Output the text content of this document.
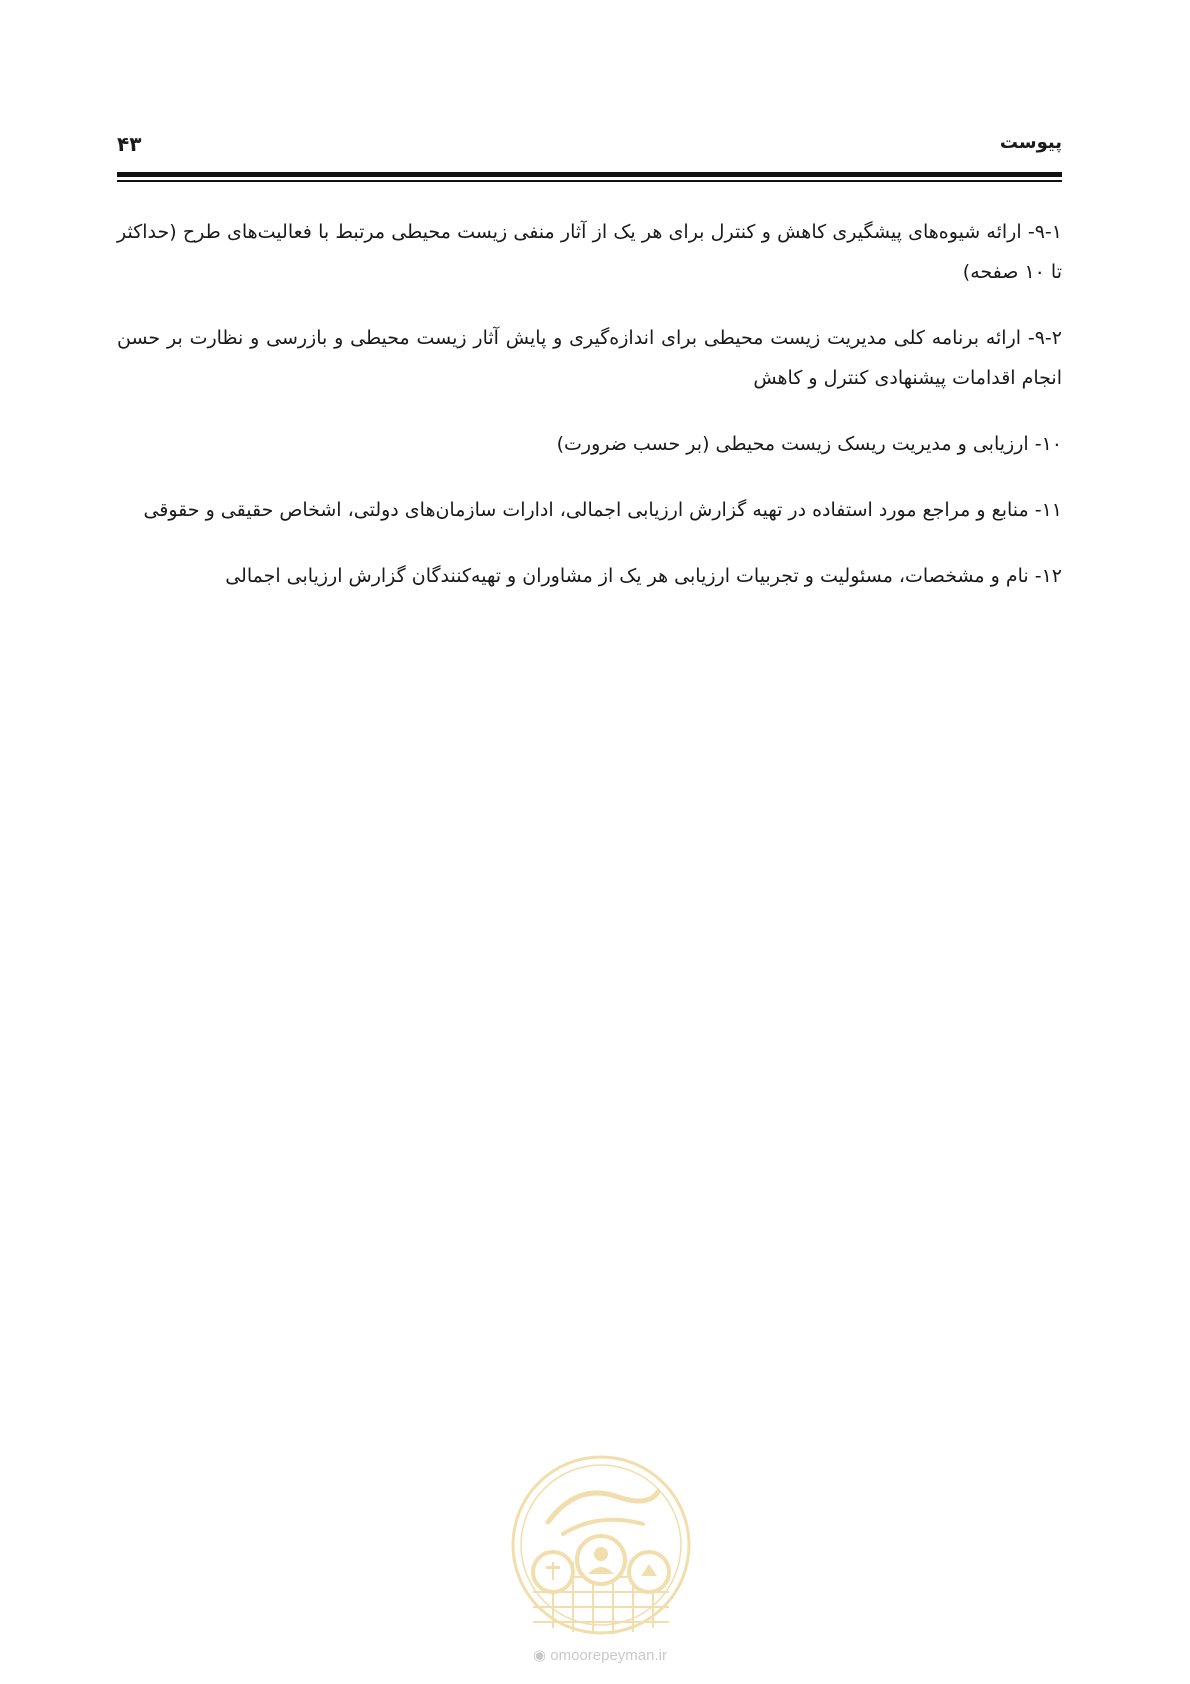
پیوست
۴۳

۹-۱- ارائه شیوه‌های پیشگیری کاهش و کنترل برای هر یک از آثار منفی زیست محیطی مرتبط با فعالیت‌های طرح (حداکثر تا ۱۰ صفحه)

۹-۲- ارائه برنامه کلی مدیریت زیست محیطی برای اندازه‌گیری و پایش آثار زیست محیطی و بازرسی و نظارت بر حسن انجام اقدامات پیشنهادی کنترل و کاهش

۱۰- ارزیابی و مدیریت ریسک زیست محیطی (بر حسب ضرورت)

۱۱- منابع و مراجع مورد استفاده در تهیه گزارش ارزیابی اجمالی، ادارات سازمان‌های دولتی، اشخاص حقیقی و حقوقی

۱۲- نام و مشخصات، مسئولیت و تجربیات ارزیابی هر یک از مشاوران و تهیه‌کنندگان گزارش ارزیابی اجمالی

◉ omoorepeyman.ir
